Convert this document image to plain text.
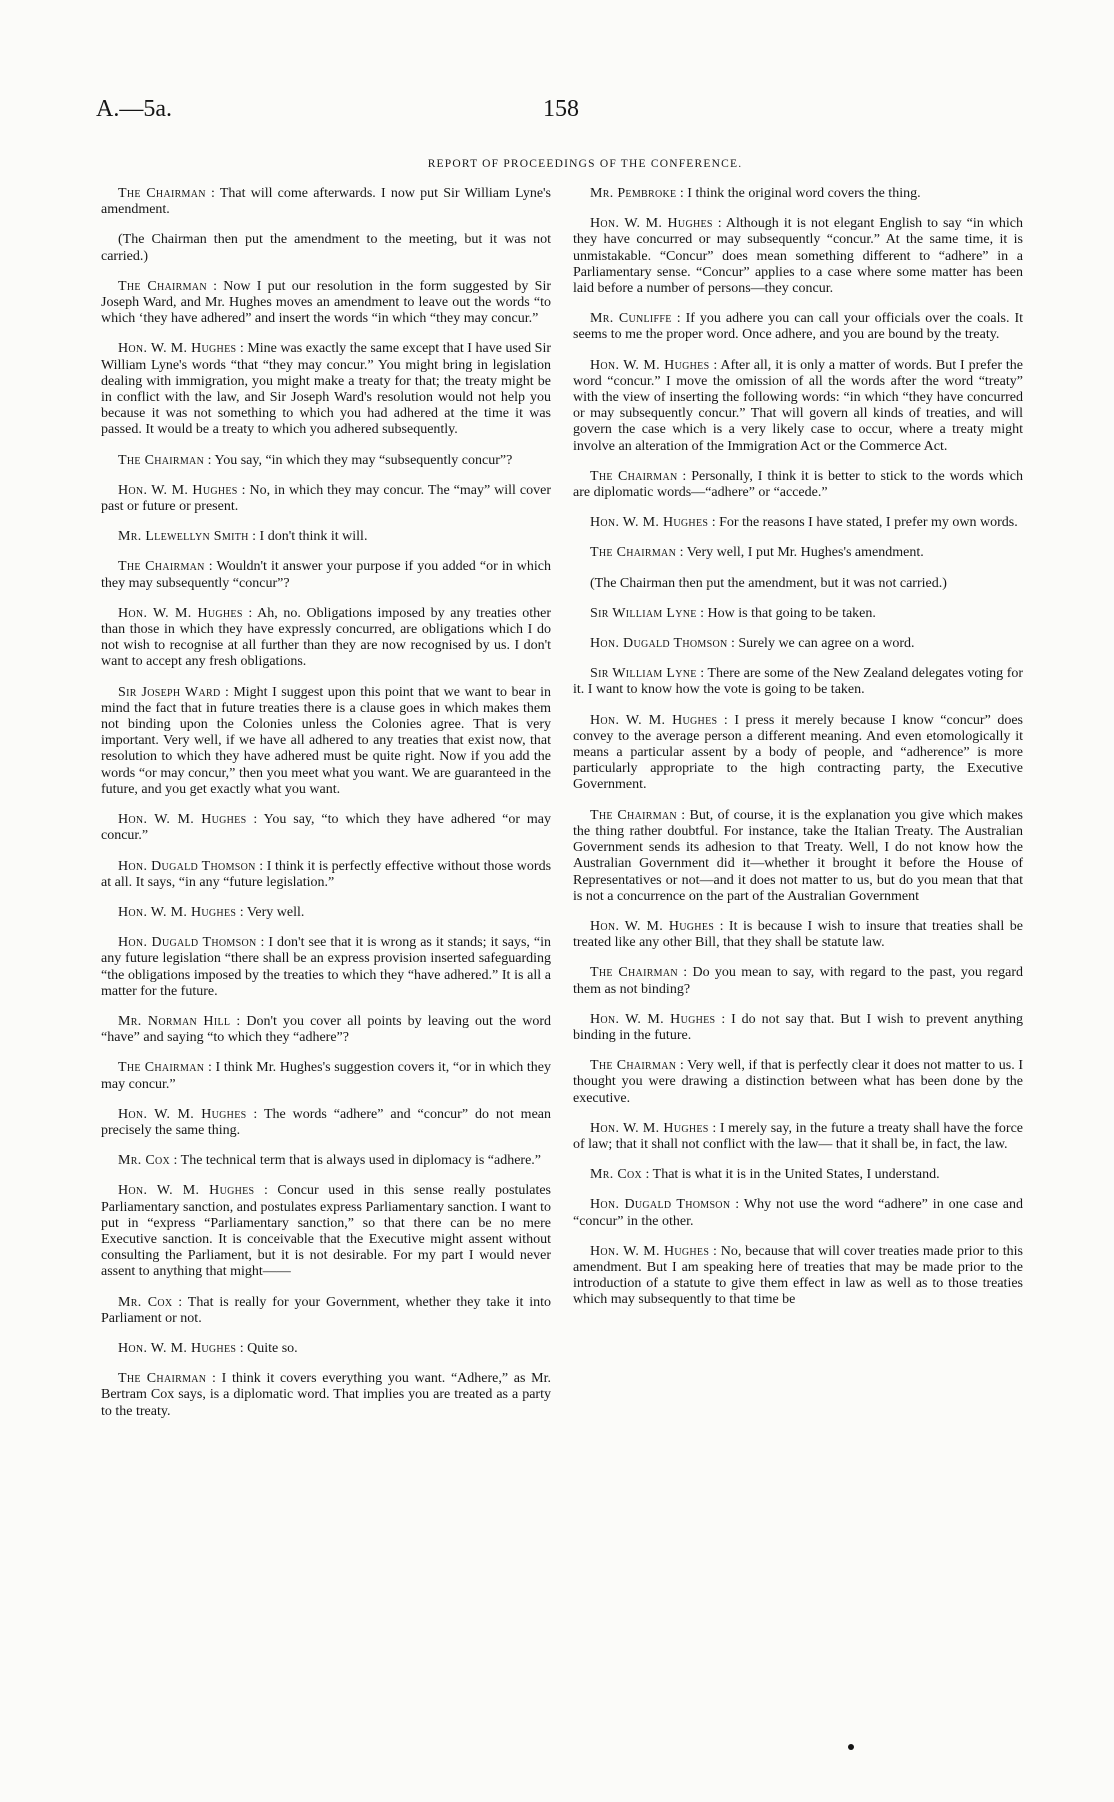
A.—5a.	158
REPORT OF PROCEEDINGS OF THE CONFERENCE.

The Chairman : That will come afterwards. I now put Sir William Lyne's amendment.

(The Chairman then put the amendment to the meeting, but it was not carried.)

The Chairman : Now I put our resolution in the form suggested by Sir Joseph Ward, and Mr. Hughes moves an amendment to leave out the words “to which ‘they have adhered” and insert the words “in which “they may concur.”

Hon. W. M. Hughes : Mine was exactly the same except that I have used Sir William Lyne's words “that “they may concur.” You might bring in legislation dealing with immigration, you might make a treaty for that; the treaty might be in conflict with the law, and Sir Joseph Ward's resolution would not help you because it was not something to which you had adhered at the time it was passed. It would be a treaty to which you adhered subsequently.

The Chairman : You say, “in which they may “subsequently concur”?

Hon. W. M. Hughes : No, in which they may concur. The “may” will cover past or future or present.

Mr. Llewellyn Smith : I don't think it will.

The Chairman : Wouldn't it answer your purpose if you added “or in which they may subsequently “concur”?

Hon. W. M. Hughes : Ah, no. Obligations imposed by any treaties other than those in which they have expressly concurred, are obligations which I do not wish to recognise at all further than they are now recognised by us. I don't want to accept any fresh obligations.

Sir Joseph Ward : Might I suggest upon this point that we want to bear in mind the fact that in future treaties there is a clause goes in which makes them not binding upon the Colonies unless the Colonies agree. That is very important. Very well, if we have all adhered to any treaties that exist now, that resolution to which they have adhered must be quite right. Now if you add the words “or may concur,” then you meet what you want. We are guaranteed in the future, and you get exactly what you want.

Hon. W. M. Hughes : You say, “to which they have adhered “or may concur.”

Hon. Dugald Thomson : I think it is perfectly effective without those words at all. It says, “in any “future legislation.”

Hon. W. M. Hughes : Very well.

Hon. Dugald Thomson : I don't see that it is wrong as it stands; it says, “in any future legislation “there shall be an express provision inserted safeguarding “the obligations imposed by the treaties to which they “have adhered.” It is all a matter for the future.

Mr. Norman Hill : Don't you cover all points by leaving out the word “have” and saying “to which they “adhere”?

The Chairman : I think Mr. Hughes's suggestion covers it, “or in which they may concur.”

Hon. W. M. Hughes : The words “adhere” and “concur” do not mean precisely the same thing.

Mr. Cox : The technical term that is always used in diplomacy is “adhere.”

Hon. W. M. Hughes : Concur used in this sense really postulates Parliamentary sanction, and postulates express Parliamentary sanction. I want to put in “express “Parliamentary sanction,” so that there can be no mere Executive sanction. It is conceivable that the Executive might assent without consulting the Parliament, but it is not desirable. For my part I would never assent to anything that might——

Mr. Cox : That is really for your Government, whether they take it into Parliament or not.

Hon. W. M. Hughes : Quite so.

The Chairman : I think it covers everything you want. “Adhere,” as Mr. Bertram Cox says, is a diplomatic word. That implies you are treated as a party to the treaty.

Mr. Pembroke : I think the original word covers the thing.

Hon. W. M. Hughes : Although it is not elegant English to say “in which they have concurred or may subsequently “concur.” At the same time, it is unmistakable. “Concur” does mean something different to “adhere” in a Parliamentary sense. “Concur” applies to a case where some matter has been laid before a number of persons—they concur.

Mr. Cunliffe : If you adhere you can call your officials over the coals. It seems to me the proper word. Once adhere, and you are bound by the treaty.

Hon. W. M. Hughes : After all, it is only a matter of words. But I prefer the word “concur.” I move the omission of all the words after the word “treaty” with the view of inserting the following words: “in which “they have concurred or may subsequently concur.” That will govern all kinds of treaties, and will govern the case which is a very likely case to occur, where a treaty might involve an alteration of the Immigration Act or the Commerce Act.

The Chairman : Personally, I think it is better to stick to the words which are diplomatic words—“adhere” or “accede.”

Hon. W. M. Hughes : For the reasons I have stated, I prefer my own words.

The Chairman : Very well, I put Mr. Hughes's amendment.

(The Chairman then put the amendment, but it was not carried.)

Sir William Lyne : How is that going to be taken.

Hon. Dugald Thomson : Surely we can agree on a word.

Sir William Lyne : There are some of the New Zealand delegates voting for it. I want to know how the vote is going to be taken.

Hon. W. M. Hughes : I press it merely because I know “concur” does convey to the average person a different meaning. And even etomologically it means a particular assent by a body of people, and “adherence” is more particularly appropriate to the high contracting party, the Executive Government.

The Chairman : But, of course, it is the explanation you give which makes the thing rather doubtful. For instance, take the Italian Treaty. The Australian Government sends its adhesion to that Treaty. Well, I do not know how the Australian Government did it—whether it brought it before the House of Representatives or not—and it does not matter to us, but do you mean that that is not a concurrence on the part of the Australian Government

Hon. W. M. Hughes : It is because I wish to insure that treaties shall be treated like any other Bill, that they shall be statute law.

The Chairman : Do you mean to say, with regard to the past, you regard them as not binding?

Hon. W. M. Hughes : I do not say that. But I wish to prevent anything binding in the future.

The Chairman : Very well, if that is perfectly clear it does not matter to us. I thought you were drawing a distinction between what has been done by the executive.

Hon. W. M. Hughes : I merely say, in the future a treaty shall have the force of law; that it shall not conflict with the law— that it shall be, in fact, the law.

Mr. Cox : That is what it is in the United States, I understand.

Hon. Dugald Thomson : Why not use the word “adhere” in one case and “concur” in the other.

Hon. W. M. Hughes : No, because that will cover treaties made prior to this amendment. But I am speaking here of treaties that may be made prior to the introduction of a statute to give them effect in law as well as to those treaties which may subsequently to that time be
